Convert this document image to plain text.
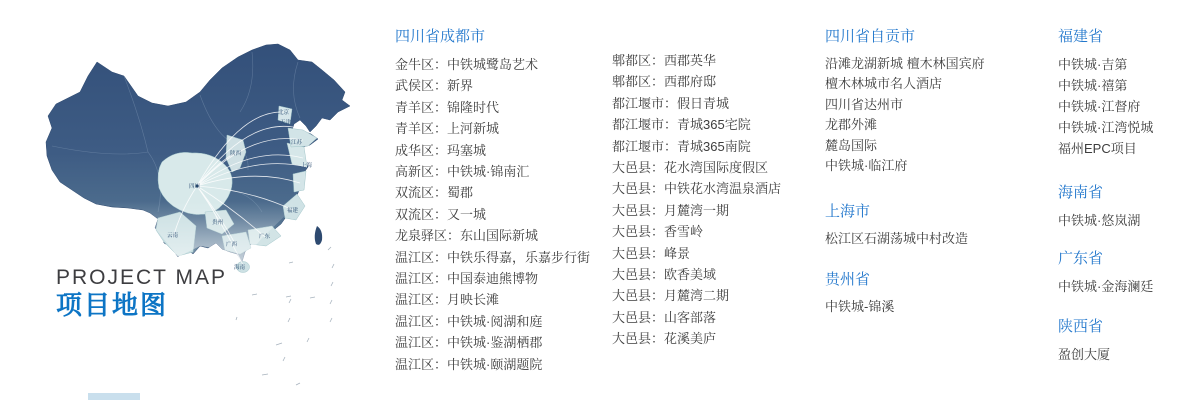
北京
天津
陕西
江苏
上海
四川
贵州
云南
广西
广东
福建
海南
PROJECT MAP
项目地图
四川省成都市
金牛区：中铁城鹭岛艺术
武侯区：新界
青羊区：锦隆时代
青羊区：上河新城
成华区：玛塞城
高新区：中铁城·锦南汇
双流区：蜀郡
双流区：又一城
龙泉驿区：东山国际新城
温江区：中铁乐得嘉，乐嘉步行街
温江区：中国泰迪熊博物
温江区：月映长滩
温江区：中铁城·阅湖和庭
温江区：中铁城·鉴湖栖郡
温江区：中铁城·颐湖题院
郫都区：西郡英华
郫都区：西郡府邸
都江堰市：假日青城
都江堰市：青城365宅院
都江堰市：青城365南院
大邑县：花水湾国际度假区
大邑县：中铁花水湾温泉酒店
大邑县：月麓湾一期
大邑县：香雪岭
大邑县：峰景
大邑县：欧香美域
大邑县：月麓湾二期
大邑县：山客部落
大邑县：花溪美庐
四川省自贡市
沿滩龙湖新城 檀木林国宾府
檀木林城市名人酒店
四川省达州市
龙郡外滩
麓岛国际
中铁城·临江府
上海市
松江区石湖荡城中村改造
贵州省
中铁城-锦溪
福建省
中铁城·吉第
中铁城·禧第
中铁城·江督府
中铁城·江湾悦城
福州EPC项目
海南省
中铁城·悠岚湖
广东省
中铁城·金海澜廷
陕西省
盈创大厦
